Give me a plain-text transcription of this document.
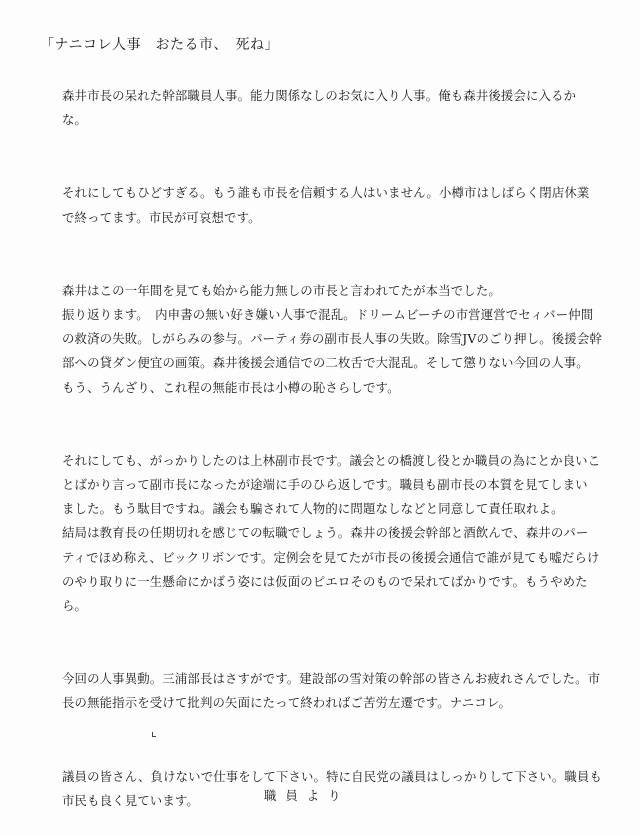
「ナニコレ人事　おたる市、　死ね」
森井市長の呆れた幹部職員人事。能力関係なしのお気に入り人事。俺も森井後援会に入るか
な。
それにしてもひどすぎる。もう誰も市長を信頼する人はいません。小樽市はしばらく閉店休業
で終ってます。市民が可哀想です。
森井はこの一年間を見ても始から能力無しの市長と言われてたが本当でした。
振り返ります。　内申書の無い好き嫌い人事で混乱。ドリームビーチの市営運営でセィバー仲間
の救済の失敗。しがらみの参与。パーティ券の副市長人事の失敗。除雪JVのごり押し。後援会幹
部への貸ダン便宜の画策。森井後援会通信での二枚舌で大混乱。そして懲りない今回の人事。
もう、うんざり、これ程の無能市長は小樽の恥さらしです。
それにしても、がっかりしたのは上林副市長です。議会との橋渡し役とか職員の為にとか良いこ
とばかり言って副市長になったが途端に手のひら返しです。職員も副市長の本質を見てしまい
ました。もう駄目ですね。議会も騙されて人物的に問題なしなどと同意して責任取れよ。
結局は教育長の任期切れを感じての転職でしょう。森井の後援会幹部と酒飲んで、森井のパー
ティでほめ称え、ビックリボンです。定例会を見てたが市長の後援会通信で誰が見ても嘘だらけ
のやり取りに一生懸命にかばう姿には仮面のピエロそのもので呆れてばかりです。もうやめた
ら。
今回の人事異動。三浦部長はさすがです。建設部の雪対策の幹部の皆さんお疲れさんでした。市
長の無能指示を受けて批判の矢面にたって終わればご苦労左遷です。ナニコレ。
議員の皆さん、負けないで仕事をして下さい。特に自民党の議員はしっかりして下さい。職員も
市民も良く見ています。	職員より
